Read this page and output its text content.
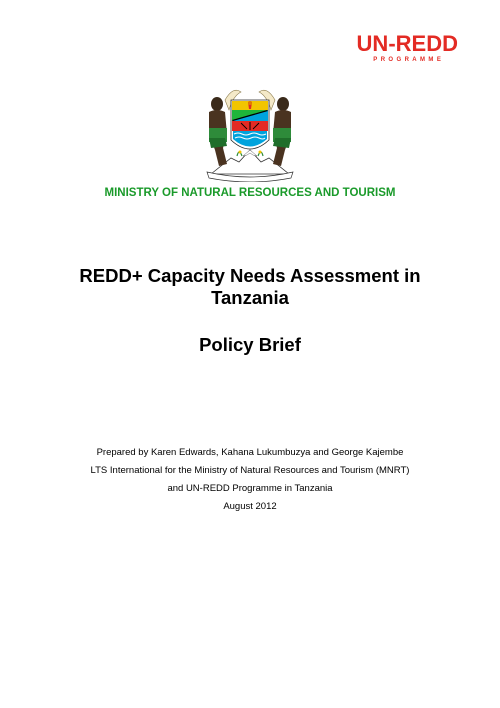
UN-REDD
PROGRAMME
MINISTRY OF NATURAL RESOURCES AND TOURISM
REDD+ Capacity Needs Assessment in
Tanzania
Policy Brief
Prepared by Karen Edwards, Kahana Lukumbuzya and George Kajembe
LTS International for the Ministry of Natural Resources and Tourism (MNRT)
and UN-REDD Programme in Tanzania
August 2012
